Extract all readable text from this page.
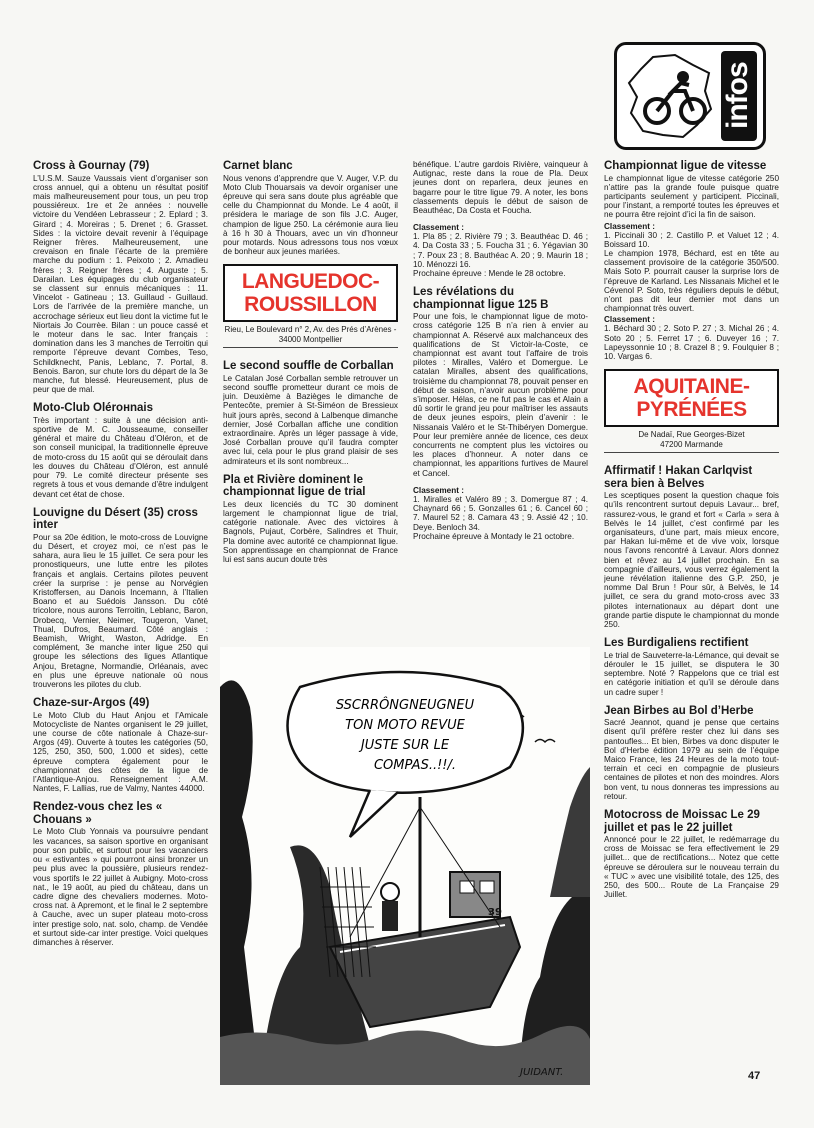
infos
Cross à Gournay (79)

L’U.S.M. Sauze Vaussais vient d’organiser son cross annuel, qui a obtenu un résultat positif mais malheureusement pour tous, un peu trop poussiéreux. 1re et 2e années : nouvelle victoire du Vendéen Lebrasseur ; 2. Eplard ; 3. Girard ; 4. Moreiras ; 5. Drenet ; 6. Grasset. Sides : la victoire devait revenir à l’équipage Reigner frères. Malheureusement, une crevaison en finale l’écarte de la première marche du podium : 1. Peixoto ; 2. Amadieu frères ; 3. Reigner frères ; 4. Auguste ; 5. Darailan. Les équipages du club organisateur se classent sur ennuis mécaniques : 11. Vincelot - Gatineau ; 13. Guillaud - Guillaud. Lors de l’arrivée de la première manche, un accrochage sérieux eut lieu dont la victime fut le Niortais Jo Courrèe. Bilan : un pouce cassé et le moteur dans le sac. Inter français : domination dans les 3 manches de Terroitin qui remporte l’épreuve devant Combes, Teso, Schildknecht, Panis, Leblanc, 7. Portal, 8. Benois. Baron, sur chute lors du départ de la 3e manche, fut blessé. Heureusement, plus de peur que de mal.

Moto-Club Olérонnais

Très important : suite à une décision anti-sportive de M. C. Jousseaume, conseiller général et maire du Château d’Oléron, et de son conseil municipal, la traditionnelle épreuve de moto-cross du 15 août qui se déroulait dans les douves du Château d’Oléron, est annulé pour 79. Le comité directeur présente ses regrets à tous et vous demande d’être indulgent devant cet état de chose.

Louvigne du Désert (35) cross inter

Pour sa 20e édition, le moto-cross de Louvigne du Désert, et croyez moi, ce n’est pas le sahara, aura lieu le 15 juillet. Ce sera pour les pronostiqueurs, une lutte entre les pilotes français et anglais. Certains pilotes peuvent créer la surprise : je pense au Norvégien Kristoffersen, au Danois Incemann, à l’Italien Boano et au Suédois Jansson. Du côté tricolore, nous aurons Terroitin, Leblanc, Baron, Drobecq, Vernier, Neimer, Tougeron, Vanet, Thual, Dufros, Beaumard. Côté anglais : Beamish, Wright, Waston, Adridge. En complément, 3e manche inter ligue 250 qui groupe les sélections des ligues Atlantique Anjou, Bretagne, Normandie, Orléanais, avec en plus une épreuve nationale où nous trouverons les pilotes du club.

Chaze-sur-Argos (49)

Le Moto Club du Haut Anjou et l’Amicale Motocycliste de Nantes organisent le 29 juillet, une course de côte nationale à Chaze-sur-Argos (49). Ouverte à toutes les catégories (50, 125, 250, 350, 500, 1.000 et sides), cette épreuve comptera également pour le championnat des côtes de la ligue de l’Atlantique-Anjou. Renseignement : A.M. Nantes, F. Lallias, rue de Valmy, Nantes 44000.

Rendez-vous chez les « Chouans »

Le Moto Club Yonnais va poursuivre pendant les vacances, sa saison sportive en organisant pour son public, et surtout pour les vacanciers ou « estivantes » qui pourront ainsi bronzer un peu plus avec la poussière, plusieurs rendez-vous sportifs le 22 juillet à Aubigny. Moto-cross nat., le 19 août, au pied du château, dans un cadre digne des chevaliers modernes. Moto-cross nat. à Apremont, et le final le 2 septembre à Cauche, avec un super plateau moto-cross inter prestige solo, nat. solo, champ. de Vendée et surtout side-car inter prestige. Voici quelques dimanches à réserver.

Carnet blanc

Nous venons d’apprendre que V. Auger, V.P. du Moto Club Thouarsais va devoir organiser une épreuve qui sera sans doute plus agréable que celle du Championnat du Monde. Le 4 août, il présidera le mariage de son fils J.C. Auger, champion de ligue 250. La cérémonie aura lieu à 16 h 30 à Thouars, avec un vin d’honneur pour motards. Nous adressons tous nos vœux de bonheur aux jeunes mariées.

LANGUEDOC-
ROUSSILLON
Rieu, Le Boulevard n° 2, Av. des Prés d’Arènes - 34000 Montpellier
Le second souffle de Corballan

Le Catalan José Corballan semble retrouver un second souffle prometteur durant ce mois de juin. Deuxième à Bazièges le dimanche de Pentecôte, premier à St-Siméon de Bressieux huit jours après, second à Lalbenque dimanche dernier, José Corballan affiche une condition extraordinaire. Après un léger passage à vide, José Corballan prouve qu’il faudra compter avec lui, cela pour le plus grand plaisir de ses admirateurs et ils sont nombreux...

Pla et Rivière dominent le championnat ligue de trial

Les deux licenciés du TC 30 dominent largement le championnat ligue de trial, catégorie nationale. Avec des victoires à Bagnols, Pujaut, Corbère, Salindres et Thuir, Pla domine avec autorité ce championnat ligue. Son apprentissage en championnat de France lui est sans aucun doute très

bénéfique. L’autre gardois Rivière, vainqueur à Autignac, reste dans la roue de Pla. Deux jeunes dont on reparlera, deux jeunes en bagarre pour le titre ligue 79. A noter, les bons classements depuis le début de saison de Beauthéac, Da Costa et Foucha.

Classement :

1. Pla 85 ; 2. Rivière 79 ; 3. Beauthéac D. 46 ; 4. Da Costa 33 ; 5. Foucha 31 ; 6. Yégavian 30 ; 7. Poux 23 ; 8. Bauthéac A. 20 ; 9. Maurin 18 ; 10. Ménozzi 16.

Prochaine épreuve : Mende le 28 octobre.

Les révélations du championnat ligue 125 B

Pour une fois, le championnat ligue de moto-cross catégorie 125 B n’a rien à envier au championnat A. Réservé aux malchanceux des qualifications de St Victoir-la-Coste, ce championnat est avant tout l’affaire de trois pilotes : Miralles, Valéro et Domergue. Le catalan Miralles, absent des qualifications, troisième du championnat 78, pouvait penser en début de saison, n’avoir aucun problème pour s’imposer. Hélas, ce ne fut pas le cas et Alain a dû sortir le grand jeu pour maîtriser les assauts de deux jeunes espoirs, plein d’avenir : le Nissanais Valéro et le St-Thibéryen Domergue. Pour leur première année de licence, ces deux concurrents ne comptent plus les victoires ou les places d’honneur. A noter dans ce championnat, les apparitions furtives de Maurel et Cancel.

Classement :

1. Miralles et Valéro 89 ; 3. Domergue 87 ; 4. Chaynard 66 ; 5. Gonzalles 61 ; 6. Cancel 60 ; 7. Maurel 52 ; 8. Camara 43 ; 9. Assié 42 ; 10. Deye. Benloch 34.

Prochaine épreuve à Montady le 21 octobre.

Championnat ligue de vitesse

Le championnat ligue de vitesse catégorie 250 n’attire pas la grande foule puisque quatre participants seulement y participent. Piccinali, pour l’instant, a remporté toutes les épreuves et ne pourra être rejoint d’ici la fin de saison.

Classement :

1. Piccinali 30 ; 2. Castillo P. et Valuet 12 ; 4. Boissard 10.

Le champion 1978, Béchard, est en tête au classement provisoire de la catégorie 350/500. Mais Soto P. pourrait causer la surprise lors de l’épreuve de Karland. Les Nissanais Michel et le Cévenol P. Soto, très réguliers depuis le début, n’ont pas dit leur dernier mot dans un championnat très ouvert.

Classement :

1. Béchard 30 ; 2. Soto P. 27 ; 3. Michal 26 ; 4. Soto 20 ; 5. Ferret 17 ; 6. Duveyer 16 ; 7. Lapeyssonnie 10 ; 8. Crazel 8 ; 9. Foulquier 8 ; 10. Vargas 6.

AQUITAINE-
PYRÉNÉES
De Nadaï, Rue Georges-Bizet
47200 Marmande
Affirmatif ! Hakan Carlqvist sera bien à Belves

Les sceptiques posent la question chaque fois qu’ils rencontrent surtout depuis Lavaur... bref, rassurez-vous, le grand et fort « Carla » sera à Belvès le 14 juillet, c’est confirmé par les organisateurs, d’une part, mais mieux encore, par Hakan lui-même et de vive voix, lorsque nous l’avons rencontré à Lavaur. Alors donnez bien et rêvez au 14 juillet prochain. En sa compagnie d’ailleurs, vous verrez également la jeune révélation italienne des G.P. 250, je nomme Dal Brun ! Pour sûr, à Belvès, le 14 juillet, ce sera du grand moto-cross avec 33 pilotes internationaux au départ dont une grande partie dispute le championnat du monde 250.

Les Burdigaliens rectifient

Le trial de Sauveterre-la-Lémance, qui devait se dérouler le 15 juillet, se disputera le 30 septembre. Noté ? Rappelons que ce trial est en catégorie initiation et qu’il se déroule dans un cadre super !

Jean Birbes au Bol d’Herbe

Sacré Jeannot, quand je pense que certains disent qu’il préfère rester chez lui dans ses pantoufles... Et bien, Birbes va donc disputer le Bol d’Herbe édition 1979 au sein de l’équipe Maico France, les 24 Heures de la moto tout-terrain et ceci en compagnie de plusieurs centaines de pilotes et non des moindres. Alors bon vent, tu nous donneras tes impressions au retour.

Motocross de Moissac Le 29 juillet et pas le 22 juillet

Annoncé pour le 22 juillet, le redémarrage du cross de Moissac se fera effectivement le 29 juillet... que de rectifications... Notez que cette épreuve se déroulera sur le nouveau terrain du « TUC » avec une visibilité totale, des 125, des 250, des 500... Route de La Française 29 Juillet.

SSCRRÔNGNEUGNEU
TON MOTO REVUE
JUSTE SUR LE
COMPAS..!!/.
39
JUIDANT.	47
